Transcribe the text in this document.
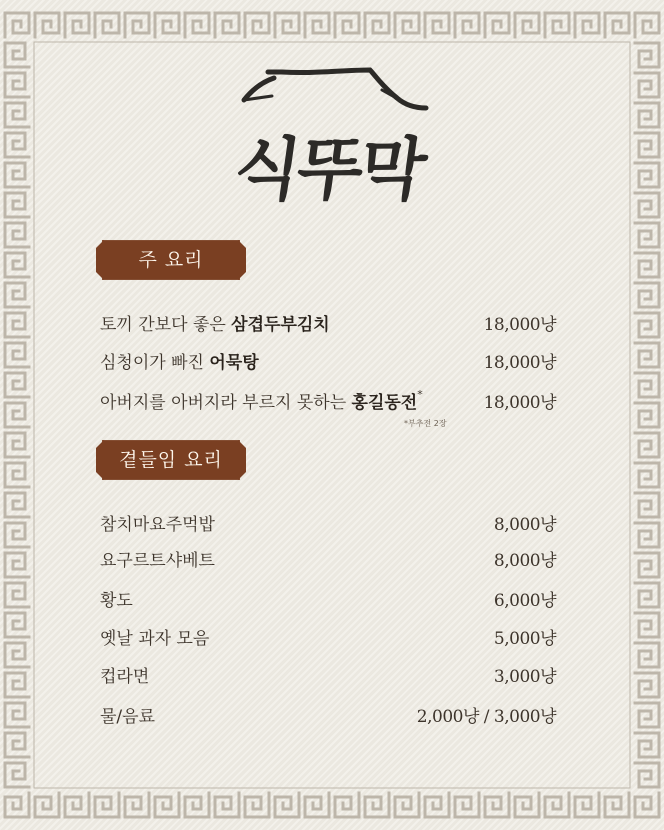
식뚜막
주 요리
토끼 간보다 좋은 삼겹두부김치	18,000냥
심청이가 빠진 어묵탕	18,000냥
아버지를 아버지라 부르지 못하는 홍길동전*	18,000냥
*부추전 2장
곁들임 요리
참치마요주먹밥	8,000냥
요구르트샤베트	8,000냥
황도	6,000냥
옛날 과자 모음	5,000냥
컵라면	3,000냥
물/음료	2,000냥 / 3,000냥
